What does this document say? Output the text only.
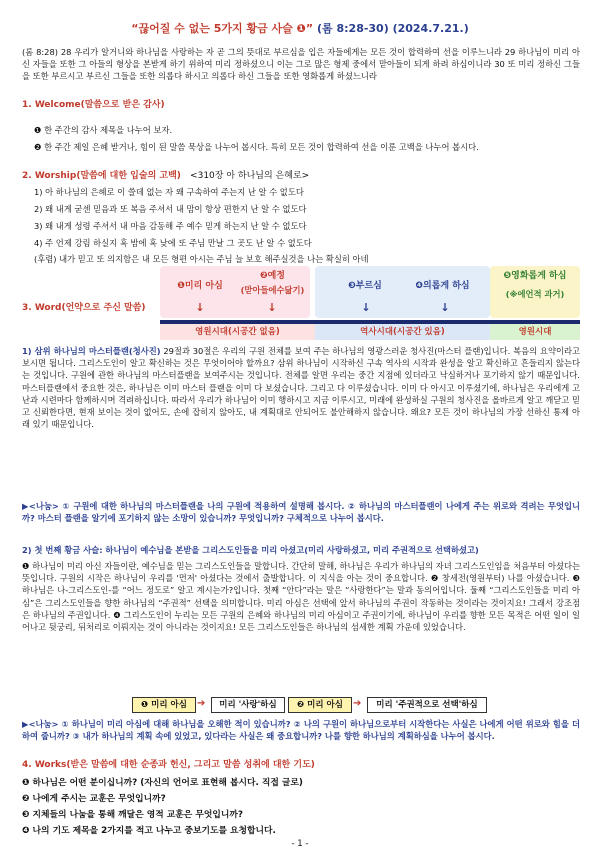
“끊어질 수 없는 5가지 황금 사슬 ❶” (롬 8:28-30) (2024.7.21.)
(롬 8:28) 28 우리가 알거니와 하나님을 사랑하는 자 곧 그의 뜻대로 부르심을 입은 자들에게는 모든 것이 합력하여 선을 이루느니라 29 하나님이 미리 아신 자들을 또한 그 아들의 형상을 본받게 하기 위하여 미리 정하셨으니 이는 그로 많은 형제 중에서 맏아들이 되게 하려 하심이니라 30 또 미리 정하신 그들을 또한 부르시고 부르신 그들을 또한 의롭다 하시고 의롭다 하신 그들을 또한 영화롭게 하셨느니라
1. Welcome(말씀으로 받은 감사)
❶ 한 주간의 감사 제목을 나누어 보자.
❷ 한 주간 제일 은혜 받거나, 힘이 된 말씀 묵상을 나누어 봅시다. 특히 모든 것이 합력하여 선을 이룬 고백을 나누어 봅시다.
2. Worship(말씀에 대한 입술의 고백) <310장 아 하나님의 은혜로>
1) 아 하나님의 은혜로 이 쓸데 없는 자 왜 구속하여 주는지 난 알 수 없도다
2) 왜 내게 굳센 믿음과 또 복음 주셔서 내 맘이 항상 편한지 난 알 수 없도다
3) 왜 내게 성령 주셔서 내 마음 감동해 주 예수 믿게 하는지 난 알 수 없도다
4) 주 언제 강림 하실지 혹 밤에 혹 낮에 또 주님 만날 그 곳도 난 알 수 없도다
(후렴) 내가 믿고 또 의지함은 내 모든 형편 아시는 주님 늘 보호 해주실것을 나는 확실히 아네
3. Word(언약으로 주신 말씀)
❶미리 아심
↓
❷예정
(맏아들에수닮기)
↓
❸부르심
↓
❹의롭게 하심
↓
❺영화롭게 하심
(※에언적 과거)
영원시대(시공간 없음)	역사시대(시공간 있음)	영원시대
1) 삼위 하나님의 마스터플랜(청사진) 29절과 30절은 우리의 구원 전체를 보여 주는 하나님의 영광스러운 청사진(마스터 플랜)입니다. 복음의 요약이라고 보시면 됩니다. 그리스도인이 알고 확신하는 것은 무엇이어야 할까요? 삼위 하나님이 시작하신 구속 역사의 시작과 완성을 알고 확신하고 흔들리지 않는다는 것입니다. 구원에 관한 하나님의 마스터플랜을 보여주시는 것입니다. 전체를 알면 우리는 중간 지점에 있더라고 낙심하거나 포기하지 않기 때문입니다. 마스터플랜에서 중요한 것은, 하나님은 이미 마스터 플랜을 이미 다 보셨습니다. 그리고 다 이루셨습니다. 이미 다 아시고 이루셨기에, 하나님은 우리에게 고난과 시련마다 함께하시며 격려하십니다. 따라서 우리가 하나님이 이미 행하시고 지금 이루시고, 미래에 완성하실 구원의 청사진을 올바르게 알고 깨닫고 믿고 신뢰한다면, 현재 보이는 것이 없어도, 손에 잡히지 않아도, 내 계획대로 안되어도 불안해하지 않습니다. 왜요? 모든 것이 하나님의 가장 선하신 통제 아래 있기 때문입니다.
▶<나눔> ① 구원에 대한 하나님의 마스터플랜을 나의 구원에 적용하여 설명해 봅시다. ② 하나님의 마스터플랜이 나에게 주는 위로와 격려는 무엇입니까? 마스터 플랜을 알기에 포기하지 않는 소망이 있습니까? 무엇입니까? 구체적으로 나누어 봅시다.
2) 첫 번째 황금 사슬: 하나님이 예수님을 본받을 그리스도인들을 미리 아셨고(미리 사랑하셨고, 미리 주권적으로 선택하셨고)
❶ 하나님이 미리 아신 자들이란, 예수님을 믿는 그리스도인들을 말합니다. 간단히 말해, 하나님은 우리가 하나님의 자녀 그리스도인임을 처음부터 아셨다는 뜻입니다. 구원의 시작은 하나님이 우리를 '먼저' 아셨다는 것에서 출발합니다. 이 지식을 아는 것이 중요합니다. ❷ 창세전(영원부터) 나를 아셨습니다. ❸ 하나님은 나-그리스도인-를 “어느 정도로” 알고 계시는가?입니다. 첫째 “안다”라는 말은 “사랑한다”는 말과 동의어입니다. 둘째 “그리스도인들을 미리 아심”은 그리스도인들을 향한 하나님의 “주권적” 선택을 의미합니다. 미리 아심은 선택에 앞서 하나님의 주권이 작동하는 것이라는 것이지요! 그래서 강조점은 하나님의 주권입니다. ❹ 그리스도인이 누리는 모든 구원의 은혜와 하나님의 미리 아심이고 주권이기에, 하나님이 우리를 향한 모든 목적은 어떤 일이 일어나고 뒷궁리, 뒤처리로 이뤄지는 것이 아니라는 것이지요! 모든 그리스도인들은 하나님의 섬세한 계획 가운데 있었습니다.
❶ 미리 아심	➔	미리 '사랑'하심	❷ 미리 아심	➔	미리 '주권적으로 선택'하심
▶<나눔> ① 하나님이 미리 아심에 대해 하나님을 오해한 적이 있습니까? ② 나의 구원이 하나님으로부터 시작한다는 사실은 나에게 어떤 위로와 힘을 더하여 줍니까? ③ 내가 하나님의 계획 속에 있었고, 있다라는 사실은 왜 중요합니까? 나를 향한 하나님의 계획하심을 나누어 봅시다.
4. Works(받은 말씀에 대한 순종과 헌신, 그리고 말씀 성취에 대한 기도)
❶ 하나님은 어떤 분이십니까? (자신의 언어로 표현해 봅시다. 직접 글로)
❷ 나에게 주시는 교훈은 무엇입니까?
❸ 지체들의 나눔을 통해 깨달은 영적 교훈은 무엇입니까?
❹ 나의 기도 제목을 2가지를 적고 나누고 중보기도를 요청합니다.
- 1 -
